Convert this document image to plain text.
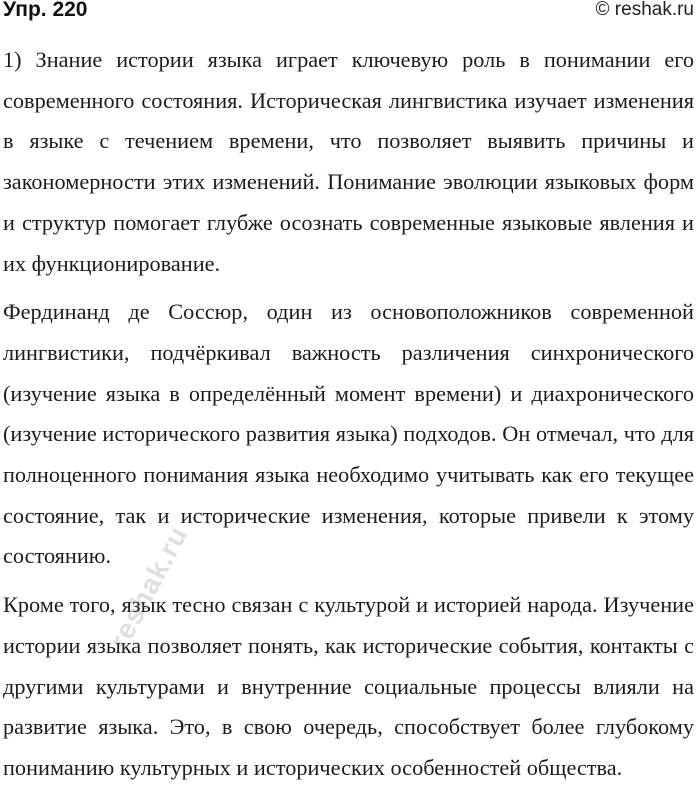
Упр. 220	© reshak.ru

1) Знание истории языка играет ключевую роль в понимании его современного состояния. Историческая лингвистика изучает изменения в языке с течением времени, что позволяет выявить причины и закономерности этих изменений. Понимание эволюции языковых форм и структур помогает глубже осознать современные языковые явления и их функционирование.

Фердинанд де Соссюр, один из основоположников современной лингвистики, подчёркивал важность различения синхронического (изучение языка в определённый момент времени) и диахронического (изучение исторического развития языка) подходов. Он отмечал, что для полноценного понимания языка необходимо учитывать как его текущее состояние, так и исторические изменения, которые привели к этому состоянию.

Кроме того, язык тесно связан с культурой и историей народа. Изучение истории языка позволяет понять, как исторические события, контакты с другими культурами и внутренние социальные процессы влияли на развитие языка. Это, в свою очередь, способствует более глубокому пониманию культурных и исторических особенностей общества.

reshak.ru
